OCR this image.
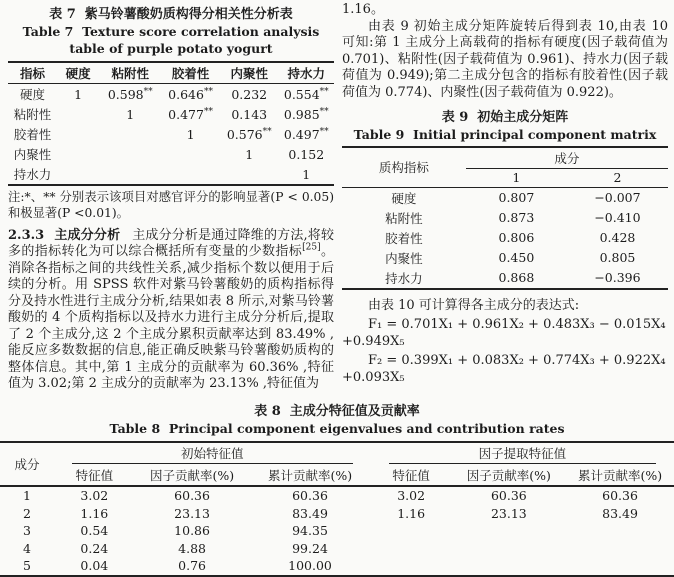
表 7  紫马铃薯酸奶质构得分相关性分析表
Table 7  Texture score correlation analysis
table of purple potato yogurt
指标	硬度	粘附性	胶着性	内聚性	持水力
硬度	1	0.598**	0.646**	0.232	0.554**
粘附性		1	0.477**	0.143	0.985**
胶着性			1	0.576**	0.497**
内聚性				1	0.152
持水力					1
注:*、** 分别表示该项目对感官评分的影响显著(P < 0.05)和极显著(P <0.01)。

2.3.3 主成分分析 主成分分析是通过降维的方法,将较多的指标转化为可以综合概括所有变量的少数指标[25]。消除各指标之间的共线性关系,减少指标个数以便用于后续的分析。用 SPSS 软件对紫马铃薯酸奶的质构指标得分及持水性进行主成分分析,结果如表 8 所示,对紫马铃薯酸奶的 4 个质构指标以及持水力进行主成分分析后,提取了 2 个主成分,这 2 个主成分累积贡献率达到 83.49% ,能反应多数数据的信息,能正确反映紫马铃薯酸奶质构的整体信息。其中,第 1 主成分的贡献率为 60.36% ,特征值为 3.02;第 2 主成分的贡献率为 23.13% ,特征值为

1.16。

由表 9 初始主成分矩阵旋转后得到表 10,由表 10 可知:第 1 主成分上高载荷的指标有硬度(因子载荷值为 0.701)、粘附性(因子载荷值为 0.961)、持水力(因子载荷值为 0.949);第二主成分包含的指标有胶着性(因子载荷值为 0.774)、内聚性(因子载荷值为 0.922)。

表 9  初始主成分矩阵
Table 9  Initial principal component matrix
质构指标	成分	
	1	2
硬度	0.807	−0.007
粘附性	0.873	−0.410
胶着性	0.806	0.428
内聚性	0.450	0.805
持水力	0.868	−0.396

由表 10 可计算得各主成分的表达式:

F₁ = 0.701X₁ + 0.961X₂ + 0.483X₃ − 0.015X₄
+0.949X₅
F₂ = 0.399X₁ + 0.083X₂ + 0.774X₃ + 0.922X₄
+0.093X₅
表 8  主成分特征值及贡献率
Table 8  Principal component eigenvalues and contribution rates
成分	初始特征值			因子提取特征值		

	特征值	因子贡献率(%)	累计贡献率(%)	特征值	因子贡献率(%)	累计贡献率(%)
1	3.02	60.36	60.36	3.02	60.36	60.36
2	1.16	23.13	83.49	1.16	23.13	83.49
3	0.54	10.86	94.35			
4	0.24	4.88	99.24			
5	0.04	0.76	100.00			
